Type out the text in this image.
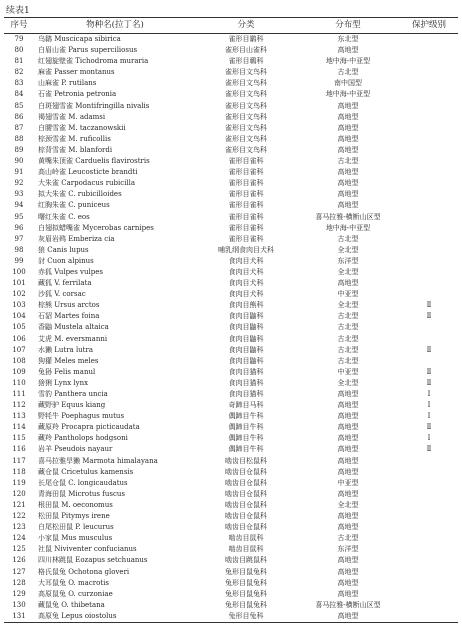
续表1
序号	物种名(拉丁名)	分类	分布型	保护级别
79	乌鹟 Muscicapa sibirica	雀形目鹟科	东北型	
80	白眉山雀 Parus superciliosus	雀形目山雀科	高地型	
81	红翅旋壁雀 Tichodroma muraria	雀形目鳾科	地中海-中亚型	
82	麻雀 Passer montanus	雀形目文鸟科	古北型	
83	山麻雀 P. rutilans	雀形目文鸟科	南中国型	
84	石雀 Petronia petronia	雀形目文鸟科	地中海-中亚型	
85	白斑翅雪雀 Montifringilla nivalis	雀形目文鸟科	高地型	
86	褐翅雪雀 M. adamsi	雀形目文鸟科	高地型	
87	白腰雪雀 M. taczanowskii	雀形目文鸟科	高地型	
88	棕颈雪雀 M. ruficollis	雀形目文鸟科	高地型	
89	棕背雪雀 M. blanfordi	雀形目文鸟科	高地型	
90	黄嘴朱顶雀 Carduelis flavirostris	雀形目雀科	古北型	
91	高山岭雀 Leucosticte brandti	雀形目雀科	高地型	
92	大朱雀 Carpodacus rubicilla	雀形目雀科	高地型	
93	拟大朱雀 C. rubicilloides	雀形目雀科	高地型	
94	红胸朱雀 C. puniceus	雀形目雀科	高地型	
95	曙红朱雀 C. eos	雀形目雀科	喜马拉雅-横断山区型	
96	白翅拟蜡嘴雀 Mycerobas carnipes	雀形目雀科	地中海-中亚型	
97	灰眉岩鹀 Emberiza cia	雀形目雀科	古北型	
98	狼 Canis lupus	哺乳纲食肉目犬科	全北型	
99	豺 Cuon alpinus	食肉目犬科	东洋型	
100	赤狐 Vulpes vulpes	食肉目犬科	全北型	
101	藏狐 V. ferrilata	食肉目犬科	高地型	
102	沙狐 V. corsac	食肉目犬科	中亚型	
103	棕熊 Ursus arctos	食肉目熊科	全北型	Ⅱ
104	石貂 Martes foina	食肉目鼬科	古北型	Ⅱ
105	香鼬 Mustela altaica	食肉目鼬科	古北型	
106	艾虎 M. eversmanni	食肉目鼬科	古北型	
107	水獭 Lutra lutra	食肉目鼬科	古北型	Ⅱ
108	狗獾 Meles meles	食肉目鼬科	古北型	
109	兔狲 Felis manul	食肉目猫科	中亚型	Ⅱ
110	猞猁 Lynx lynx	食肉目猫科	全北型	Ⅱ
111	雪豹 Panthera uncia	食肉目猫科	高地型	Ⅰ
112	藏野驴 Equus kiang	奇蹄目马科	高地型	Ⅰ
113	野牦牛 Poephagus mutus	偶蹄目牛科	高地型	Ⅰ
114	藏原羚 Procapra picticaudata	偶蹄目牛科	高地型	Ⅱ
115	藏羚 Pantholops hodgsoni	偶蹄目牛科	高地型	Ⅰ
116	岩羊 Pseudois nayaur	偶蹄目牛科	高地型	Ⅱ
117	喜马拉雅旱獭 Marmota himalayana	啮齿目松鼠科	高地型	
118	藏仓鼠 Cricetulus kamensis	啮齿目仓鼠科	高地型	
119	长尾仓鼠 C. longicaudatus	啮齿目仓鼠科	中亚型	
120	青海田鼠 Microtus fuscus	啮齿目仓鼠科	高地型	
121	根田鼠 M. oeconomus	啮齿目仓鼠科	全北型	
122	松田鼠 Pitymys irene	啮齿目仓鼠科	高地型	
123	白尾松田鼠 P. leucurus	啮齿目仓鼠科	高地型	
124	小家鼠 Mus musculus	啮齿目鼠科	古北型	
125	社鼠 Niviventer confucianus	啮齿目鼠科	东洋型	
126	四川林跳鼠 Eozapus setchuanus	啮齿目跳鼠科	高地型	
127	格氏鼠兔 Ochotona gloveri	兔形目鼠兔科	高地型	
128	大耳鼠兔 O. macrotis	兔形目鼠兔科	高地型	
129	高原鼠兔 O. curzoniae	兔形目鼠兔科	高地型	
130	藏鼠兔 O. thibetana	兔形目鼠兔科	喜马拉雅-横断山区型	
131	高原兔 Lepus oiostolus	兔形目兔科	高地型	
